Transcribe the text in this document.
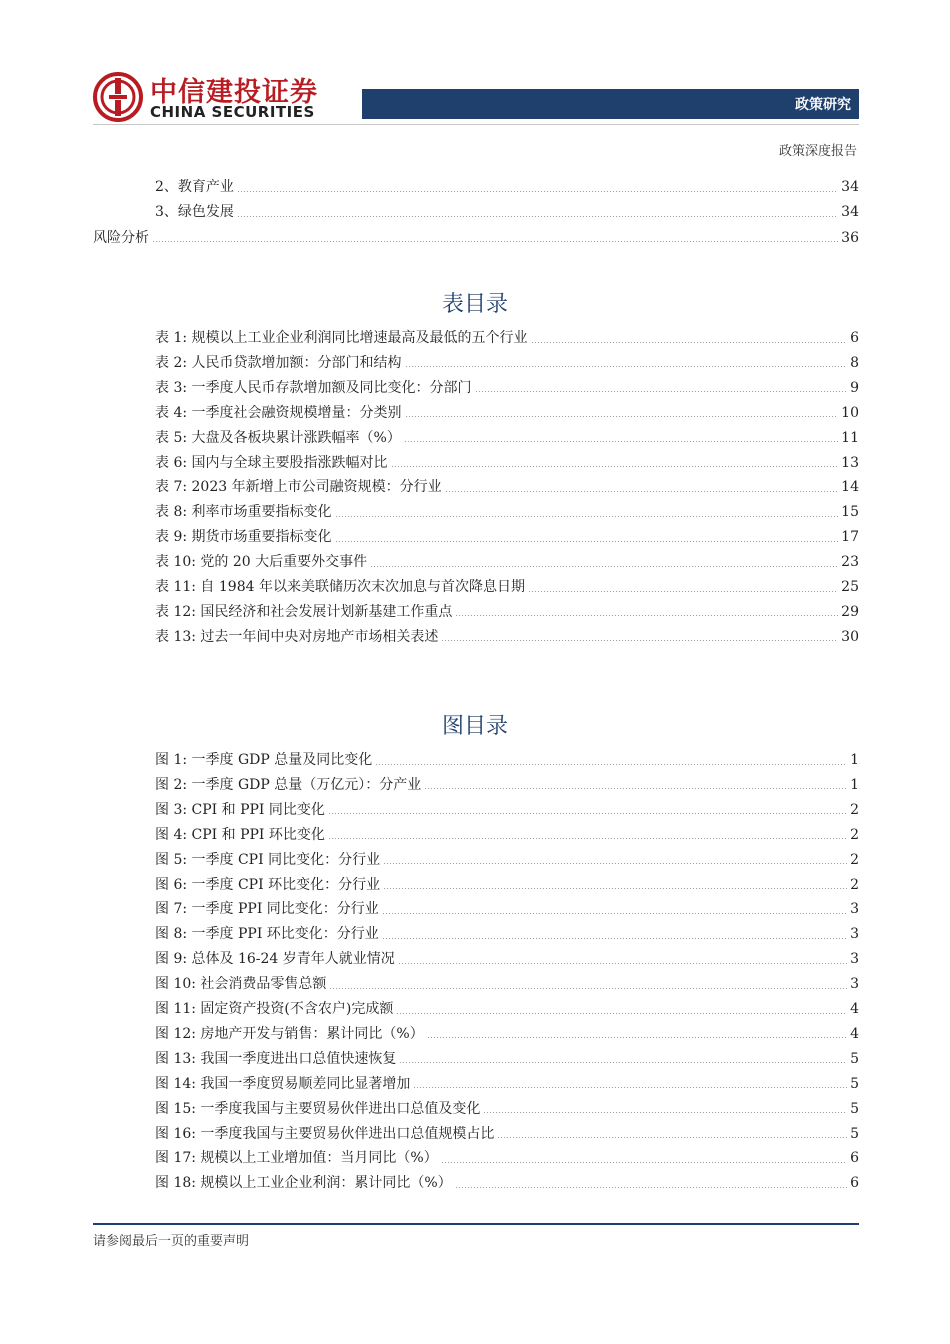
中信建投证券
CHINA SECURITIES	政策研究
政策深度报告
2、教育产业	34
3、绿色发展	34
风险分析	36
表目录
表 1: 规模以上工业企业利润同比增速最高及最低的五个行业	6
表 2: 人民币贷款增加额：分部门和结构	8
表 3: 一季度人民币存款增加额及同比变化：分部门	9
表 4: 一季度社会融资规模增量：分类别	10
表 5: 大盘及各板块累计涨跌幅率（%）	11
表 6: 国内与全球主要股指涨跌幅对比	13
表 7: 2023 年新增上市公司融资规模：分行业	14
表 8: 利率市场重要指标变化	15
表 9: 期货市场重要指标变化	17
表 10: 党的 20 大后重要外交事件	23
表 11: 自 1984 年以来美联储历次末次加息与首次降息日期	25
表 12: 国民经济和社会发展计划新基建工作重点	29
表 13: 过去一年间中央对房地产市场相关表述	30
图目录
图 1: 一季度 GDP 总量及同比变化	1
图 2: 一季度 GDP 总量（万亿元）：分产业	1
图 3: CPI 和 PPI 同比变化	2
图 4: CPI 和 PPI 环比变化	2
图 5: 一季度 CPI 同比变化：分行业	2
图 6: 一季度 CPI 环比变化：分行业	2
图 7: 一季度 PPI 同比变化：分行业	3
图 8: 一季度 PPI 环比变化：分行业	3
图 9: 总体及 16-24 岁青年人就业情况	3
图 10: 社会消费品零售总额	3
图 11: 固定资产投资(不含农户)完成额	4
图 12: 房地产开发与销售：累计同比（%）	4
图 13: 我国一季度进出口总值快速恢复	5
图 14: 我国一季度贸易顺差同比显著增加	5
图 15: 一季度我国与主要贸易伙伴进出口总值及变化	5
图 16: 一季度我国与主要贸易伙伴进出口总值规模占比	5
图 17: 规模以上工业增加值：当月同比（%）	6
图 18: 规模以上工业企业利润：累计同比（%）	6
请参阅最后一页的重要声明
